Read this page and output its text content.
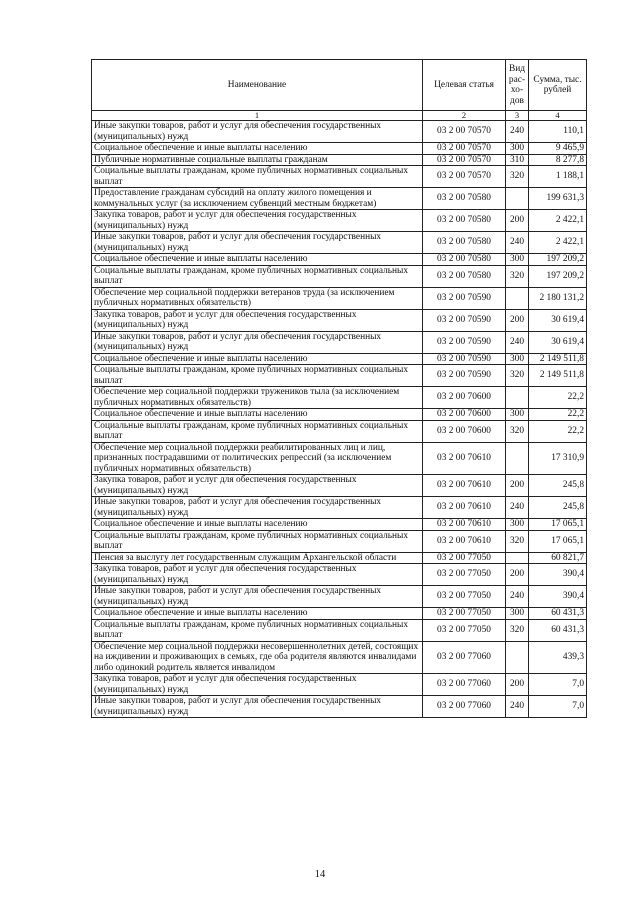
Наименование	Целевая статья	Вид рас-хо-дов	Сумма, тыс. рублей
1	2	3	4
Иные закупки товаров, работ и услуг для обеспечения государственных (муниципальных) нужд	03 2 00 70570	240	110,1
Социальное обеспечение и иные выплаты населению	03 2 00 70570	300	9 465,9
Публичные нормативные социальные выплаты гражданам	03 2 00 70570	310	8 277,8
Социальные выплаты гражданам, кроме публичных нормативных социальных выплат	03 2 00 70570	320	1 188,1
Предоставление гражданам субсидий на оплату жилого помещения и коммунальных услуг (за исключением субвенций местным бюджетам)	03 2 00 70580		199 631,3
Закупка товаров, работ и услуг для обеспечения государственных (муниципальных) нужд	03 2 00 70580	200	2 422,1
Иные закупки товаров, работ и услуг для обеспечения государственных (муниципальных) нужд	03 2 00 70580	240	2 422,1
Социальное обеспечение и иные выплаты населению	03 2 00 70580	300	197 209,2
Социальные выплаты гражданам, кроме публичных нормативных социальных выплат	03 2 00 70580	320	197 209,2
Обеспечение мер социальной поддержки ветеранов труда (за исключением публичных нормативных обязательств)	03 2 00 70590		2 180 131,2
Закупка товаров, работ и услуг для обеспечения государственных (муниципальных) нужд	03 2 00 70590	200	30 619,4
Иные закупки товаров, работ и услуг для обеспечения государственных (муниципальных) нужд	03 2 00 70590	240	30 619,4
Социальное обеспечение и иные выплаты населению	03 2 00 70590	300	2 149 511,8
Социальные выплаты гражданам, кроме публичных нормативных социальных выплат	03 2 00 70590	320	2 149 511,8
Обеспечение мер социальной поддержки тружеников тыла (за исключением публичных нормативных обязательств)	03 2 00 70600		22,2
Социальное обеспечение и иные выплаты населению	03 2 00 70600	300	22,2
Социальные выплаты гражданам, кроме публичных нормативных социальных выплат	03 2 00 70600	320	22,2
Обеспечение мер социальной поддержки реабилитированных лиц и лиц, признанных пострадавшими от политических репрессий (за исключением публичных нормативных обязательств)	03 2 00 70610		17 310,9
Закупка товаров, работ и услуг для обеспечения государственных (муниципальных) нужд	03 2 00 70610	200	245,8
Иные закупки товаров, работ и услуг для обеспечения государственных (муниципальных) нужд	03 2 00 70610	240	245,8
Социальное обеспечение и иные выплаты населению	03 2 00 70610	300	17 065,1
Социальные выплаты гражданам, кроме публичных нормативных социальных выплат	03 2 00 70610	320	17 065,1
Пенсия за выслугу лет государственным служащим Архангельской области	03 2 00 77050		60 821,7
Закупка товаров, работ и услуг для обеспечения государственных (муниципальных) нужд	03 2 00 77050	200	390,4
Иные закупки товаров, работ и услуг для обеспечения государственных (муниципальных) нужд	03 2 00 77050	240	390,4
Социальное обеспечение и иные выплаты населению	03 2 00 77050	300	60 431,3
Социальные выплаты гражданам, кроме публичных нормативных социальных выплат	03 2 00 77050	320	60 431,3
Обеспечение мер социальной поддержки несовершеннолетних детей, состоящих на иждивении и проживающих в семьях, где оба родителя являются инвалидами либо одинокий родитель является инвалидом	03 2 00 77060		439,3
Закупка товаров, работ и услуг для обеспечения государственных (муниципальных) нужд	03 2 00 77060	200	7,0
Иные закупки товаров, работ и услуг для обеспечения государственных (муниципальных) нужд	03 2 00 77060	240	7,0
14
